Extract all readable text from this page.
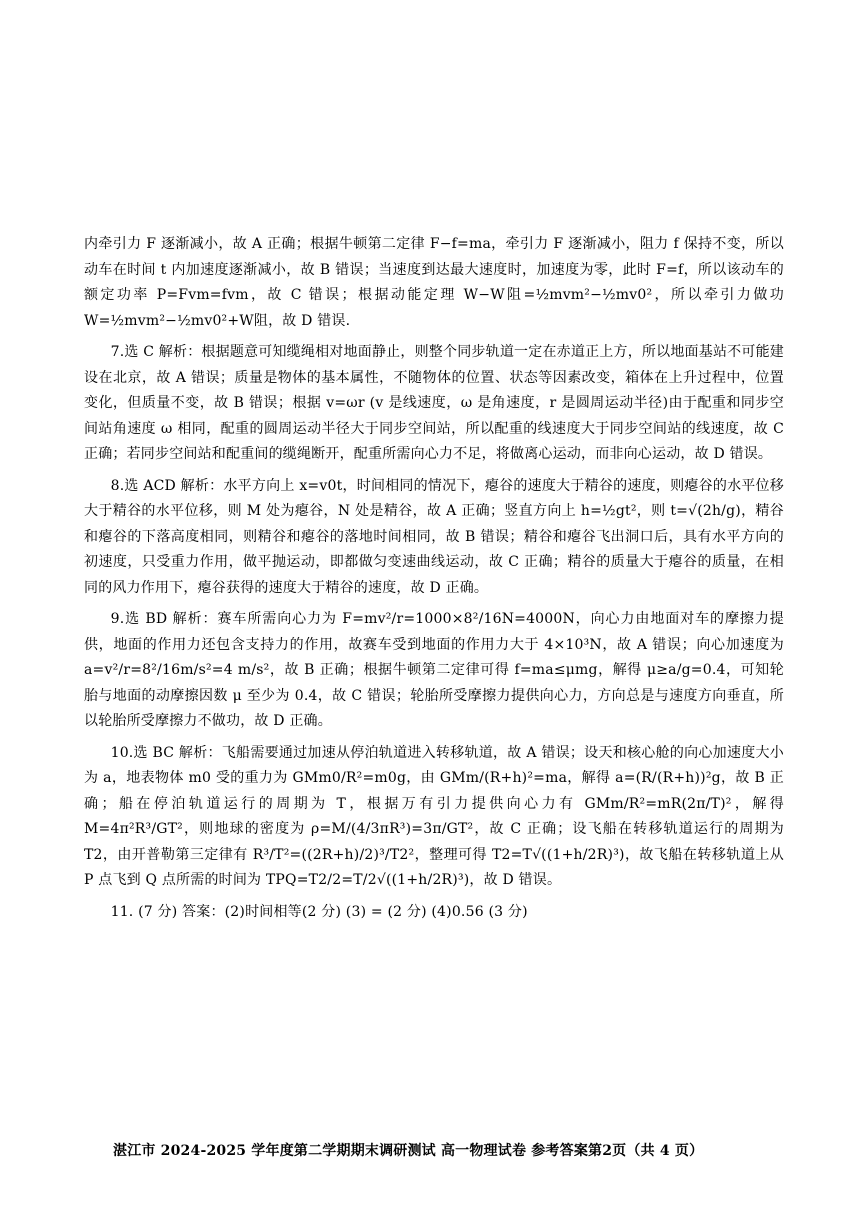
内牵引力 F 逐渐减小，故 A 正确；根据牛顿第二定律 F−f=ma，牵引力 F 逐渐减小，阻力 f 保持不变，所以动车在时间 t 内加速度逐渐减小，故 B 错误；当速度到达最大速度时，加速度为零，此时 F=f，所以该动车的额定功率 P=Fvm=fvm，故 C 错误；根据动能定理 W−W阻=½mvm²−½mv0²，所以牵引力做功 W=½mvm²−½mv0²+W阻，故 D 错误.

7.选 C 解析：根据题意可知缆绳相对地面静止，则整个同步轨道一定在赤道正上方，所以地面基站不可能建设在北京，故 A 错误；质量是物体的基本属性，不随物体的位置、状态等因素改变，箱体在上升过程中，位置变化，但质量不变，故 B 错误；根据 v=ωr (v 是线速度，ω 是角速度，r 是圆周运动半径)由于配重和同步空间站角速度 ω 相同，配重的圆周运动半径大于同步空间站，所以配重的线速度大于同步空间站的线速度，故 C 正确；若同步空间站和配重间的缆绳断开，配重所需向心力不足，将做离心运动，而非向心运动，故 D 错误。

8.选 ACD 解析：水平方向上 x=v0t，时间相同的情况下，瘪谷的速度大于精谷的速度，则瘪谷的水平位移大于精谷的水平位移，则 M 处为瘪谷，N 处是精谷，故 A 正确；竖直方向上 h=½gt²，则 t=√(2h/g)，精谷和瘪谷的下落高度相同，则精谷和瘪谷的落地时间相同，故 B 错误；精谷和瘪谷飞出洞口后，具有水平方向的初速度，只受重力作用，做平抛运动，即都做匀变速曲线运动，故 C 正确；精谷的质量大于瘪谷的质量，在相同的风力作用下，瘪谷获得的速度大于精谷的速度，故 D 正确。

9.选 BD 解析：赛车所需向心力为 F=mv²/r=1000×8²/16N=4000N，向心力由地面对车的摩擦力提供，地面的作用力还包含支持力的作用，故赛车受到地面的作用力大于 4×10³N，故 A 错误；向心加速度为 a=v²/r=8²/16m/s²=4 m/s²，故 B 正确；根据牛顿第二定律可得 f=ma≤μmg，解得 μ≥a/g=0.4，可知轮胎与地面的动摩擦因数 μ 至少为 0.4，故 C 错误；轮胎所受摩擦力提供向心力，方向总是与速度方向垂直，所以轮胎所受摩擦力不做功，故 D 正确。

10.选 BC 解析：飞船需要通过加速从停泊轨道进入转移轨道，故 A 错误；设天和核心舱的向心加速度大小为 a，地表物体 m0 受的重力为 GMm0/R²=m0g，由 GMm/(R+h)²=ma，解得 a=(R/(R+h))²g，故 B 正确；船在停泊轨道运行的周期为 T，根据万有引力提供向心力有 GMm/R²=mR(2π/T)²，解得 M=4π²R³/GT²，则地球的密度为 ρ=M/(4/3πR³)=3π/GT²，故 C 正确；设飞船在转移轨道运行的周期为 T2，由开普勒第三定律有 R³/T²=((2R+h)/2)³/T2²，整理可得 T2=T√((1+h/2R)³)，故飞船在转移轨道上从 P 点飞到 Q 点所需的时间为 TPQ=T2/2=T/2√((1+h/2R)³)，故 D 错误。

11. (7 分) 答案：(2)时间相等(2 分) (3) = (2 分) (4)0.56 (3 分)

湛江市 2024-2025 学年度第二学期期末调研测试 高一物理试卷 参考答案第2页（共 4 页）
